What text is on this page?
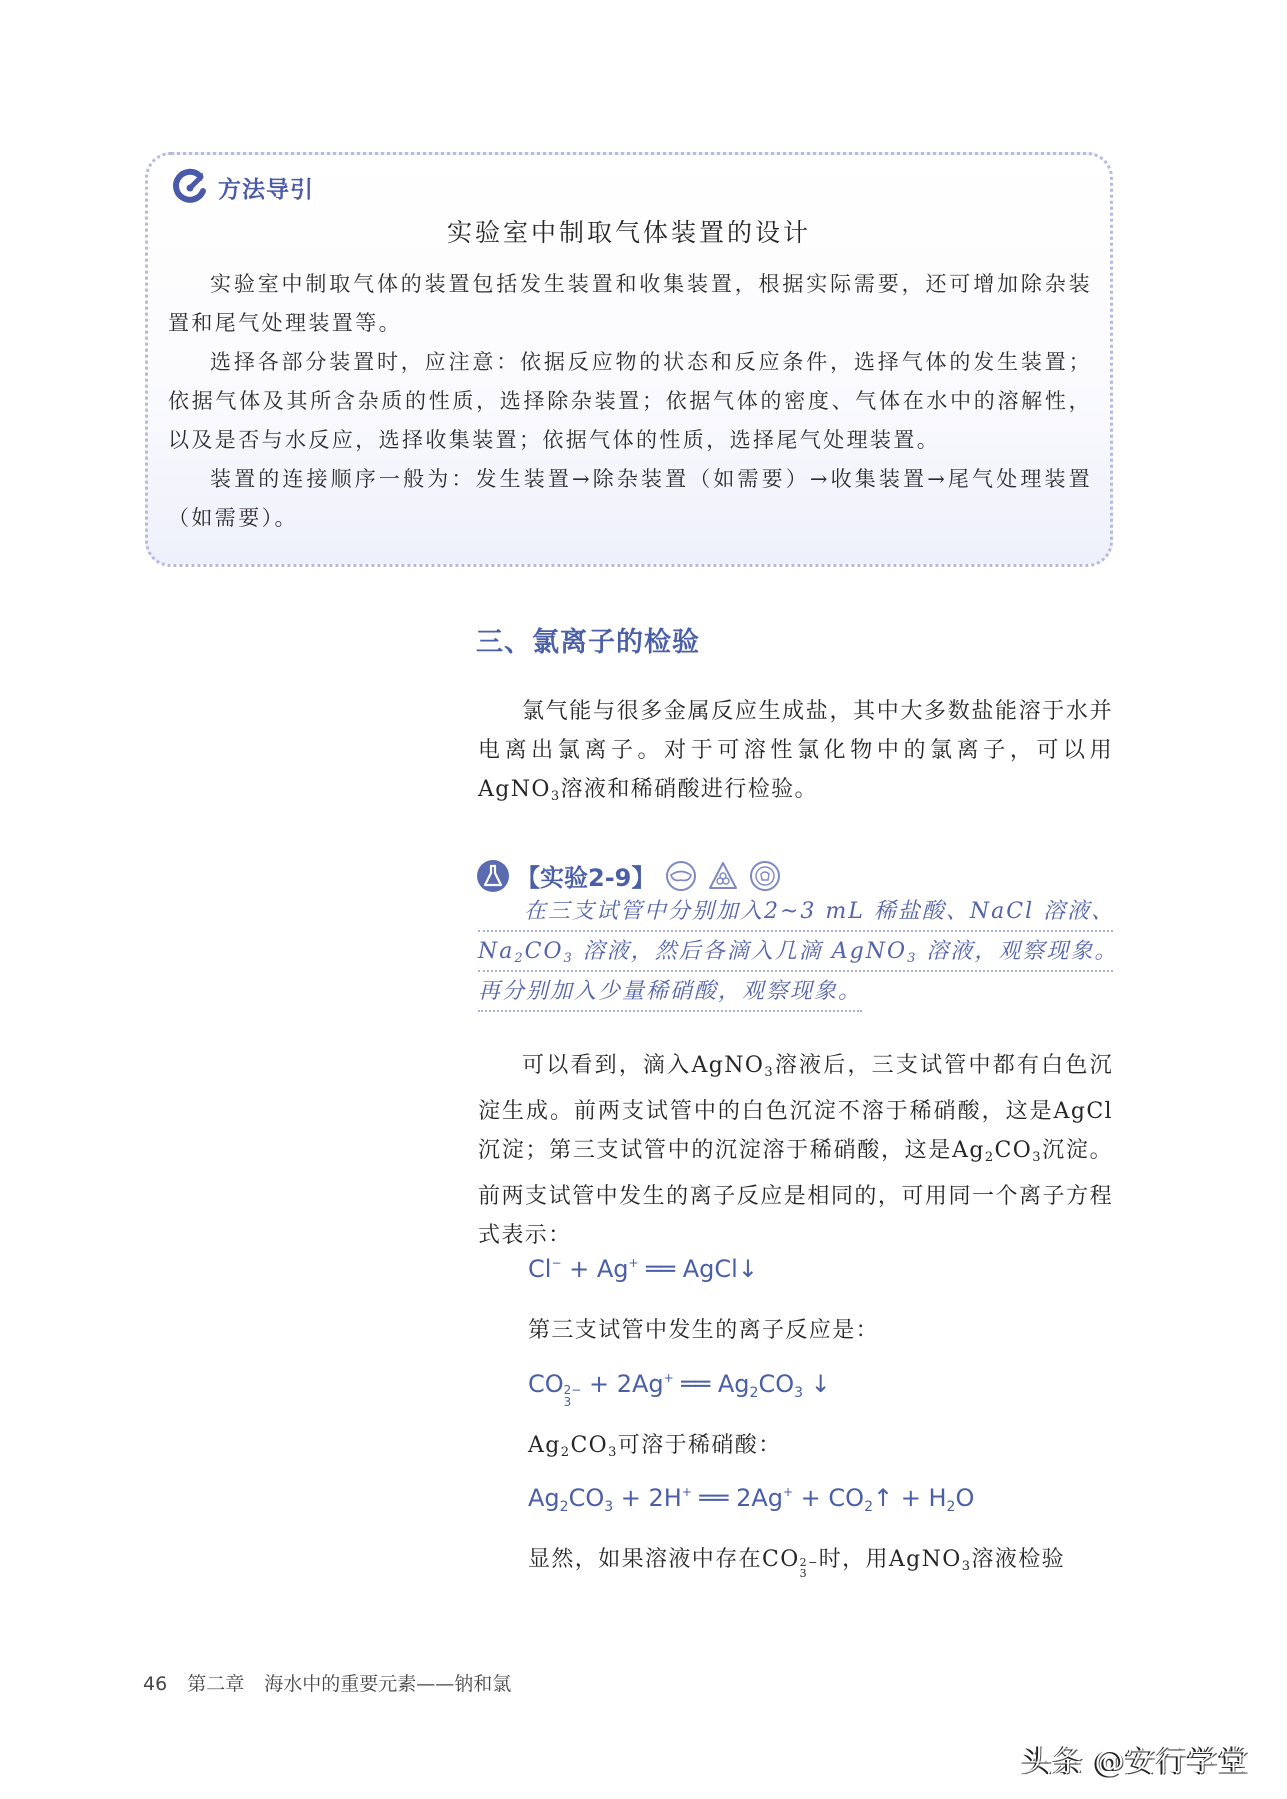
方法导引
实验室中制取气体装置的设计

实验室中制取气体的装置包括发生装置和收集装置，根据实际需要，还可增加除杂装置和尾气处理装置等。

选择各部分装置时，应注意：依据反应物的状态和反应条件，选择气体的发生装置；依据气体及其所含杂质的性质，选择除杂装置；依据气体的密度、气体在水中的溶解性，以及是否与水反应，选择收集装置；依据气体的性质，选择尾气处理装置。

装置的连接顺序一般为：发生装置→除杂装置（如需要）→收集装置→尾气处理装置（如需要）。

三、氯离子的检验

氯气能与很多金属反应生成盐，其中大多数盐能溶于水并电离出氯离子。对于可溶性氯化物中的氯离子，可以用AgNO$_3$溶液和稀硝酸进行检验。

【实验2-9】
在三支试管中分别加入2~3 mL 稀盐酸、NaCl 溶液、
$Na_2CO_3$ 溶液，然后各滴入几滴 AgNO$_3$ 溶液，观察现象。
再分别加入少量稀硝酸，观察现象。

可以看到，滴入AgNO$_3$溶液后，三支试管中都有白色沉淀生成。前两支试管中的白色沉淀不溶于稀硝酸，这是AgCl沉淀；第三支试管中的沉淀溶于稀硝酸，这是$Ag_2CO_3$沉淀。前两支试管中发生的离子反应是相同的，可用同一个离子方程式表示：

Cl− + Ag+ ══ AgCl↓
第三支试管中发生的离子反应是：
CO 2−
3
+ 2Ag+ ══ $Ag_2CO_3$ ↓
$Ag_2CO_3$可溶于稀硝酸：
$Ag_2CO_3 + 2H^+$ ══ $2Ag^+ + CO_2↑ + H_2O$
显然，如果溶液中存在CO 2−
3
时，用AgNO$_3$溶液检验
46 第二章 海水中的重要元素——钠和氯
头条 @安行学堂
